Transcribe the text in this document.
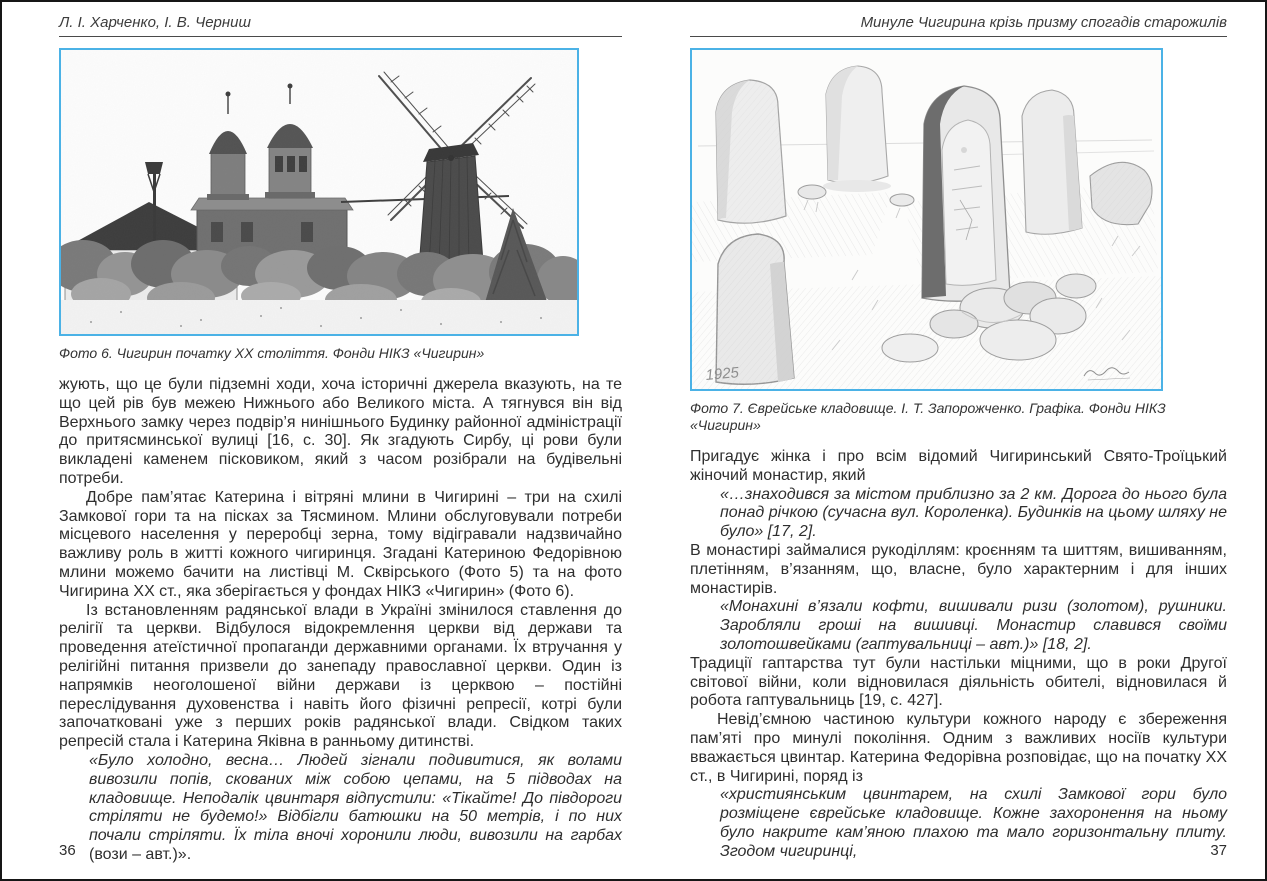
Л. І. Харченко, І. В. Черниш
Фото 6. Чигирин початку XX століття. Фонди НІКЗ «Чигирин»

жують, що це були підземні ходи, хоча історичні джерела вказують, на те що цей рів був межею Нижнього або Великого міста. А тягнувся він від Верхнього замку через подвір’я нинішнього Будинку районної адміністрації до притясминської вулиці [16, с. 30]. Як згадують Сирбу, ці рови були викладені каменем пісковиком, який з часом розібрали на будівельні потреби.

Добре пам’ятає Катерина і вітряні млини в Чигирині – три на схилі Замкової гори та на пісках за Тясмином. Млини обслуговували потреби місцевого населення у переробці зерна, тому відігравали надзвичайно важливу роль в житті кожного чигиринця. Згадані Катериною Федорівною млини можемо бачити на листівці М. Сквірського (Фото 5) та на фото Чигирина XX ст., яка зберігається у фондах НІКЗ «Чигирин» (Фото 6).

Із встановленням радянської влади в Україні змінилося ставлення до релігії та церкви. Відбулося відокремлення церкви від держави та проведення атеїстичної пропаганди державними органами. Їх втручання у релігійні питання призвели до занепаду православної церкви. Один із напрямків неоголошеної війни держави із церквою – постійні переслідування духовенства і навіть його фізичні репресії, котрі були започатковані уже з перших років радянської влади. Свідком таких репресій стала і Катерина Яківна в ранньому дитинстві.

«Було холодно, весна… Людей зігнали подивитися, як волами вивозили попів, скованих між собою цепами, на 5 підводах на кладовище. Неподалік цвинтаря відпустили: «Тікайте! До півдороги стріляти не будемо!» Відбігли батюшки на 50 метрів, і по них почали стріляти. Їх тіла вночі хоронили люди, вивозили на гарбах (вози – авт.)».

36
Минуле Чигирина крізь призму спогадів старожилів
1925
Фото 7. Єврейське кладовище. І. Т. Запорожченко. Графіка. Фонди НІКЗ «Чигирин»

Пригадує жінка і про всім відомий Чигиринський Свято-Троїцький жіночий монастир, який

«…знаходився за містом приблизно за 2 км. Дорога до нього була понад річкою (сучасна вул. Короленка). Будинків на цьому шляху не було» [17, 2].

В монастирі займалися рукоділлям: кроєнням та шиттям, вишиванням, плетінням, в’язанням, що, власне, було характерним і для інших монастирів.

«Монахині в’язали кофти, вишивали ризи (золотом), рушники. Заробляли гроші на вишивці. Монастир славився своїми золотошвейками (гаптувальниці – авт.)» [18, 2].

Традиції гаптарства тут були настільки міцними, що в роки Другої світової війни, коли відновилася діяльність обителі, відновилася й робота гаптувальниць [19, с. 427].

Невід’ємною частиною культури кожного народу є збереження пам’яті про минулі покоління. Одним з важливих носіїв культури вважається цвинтар. Катерина Федорівна розповідає, що на початку XX ст., в Чигирині, поряд із

«християнським цвинтарем, на схилі Замкової гори було розміщене єврейське кладовище. Кожне захоронення на ньому було накрите кам’яною плахою та мало горизонтальну плиту. Згодом чигиринці,	37
